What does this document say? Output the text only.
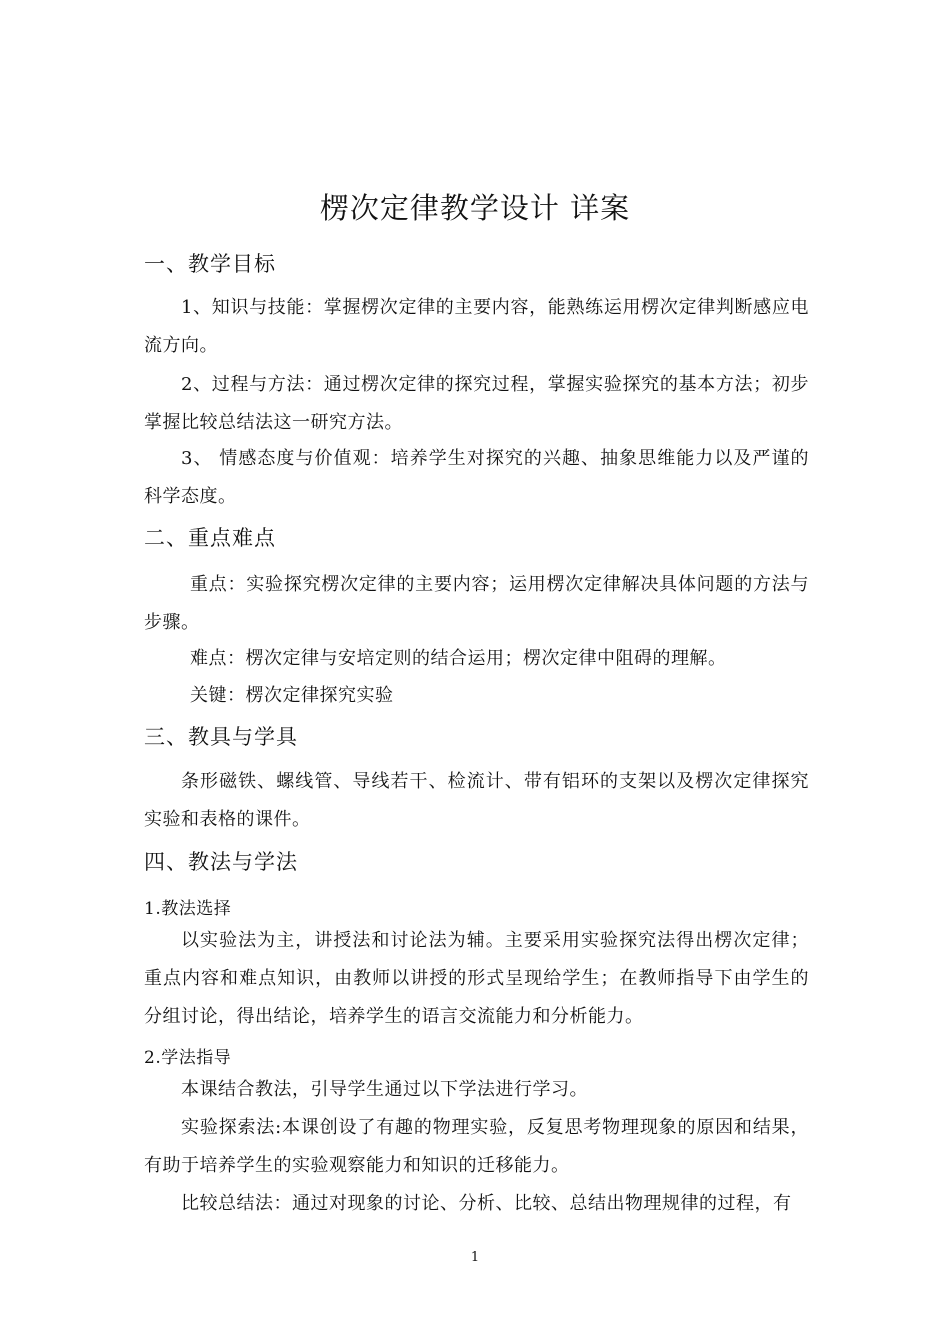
楞次定律教学设计 详案
一、教学目标
1、知识与技能：掌握楞次定律的主要内容，能熟练运用楞次定律判断感应电流方向。
2、过程与方法：通过楞次定律的探究过程，掌握实验探究的基本方法；初步掌握比较总结法这一研究方法。
3、 情感态度与价值观：培养学生对探究的兴趣、抽象思维能力以及严谨的科学态度。
二、重点难点
重点：实验探究楞次定律的主要内容；运用楞次定律解决具体问题的方法与步骤。
难点：楞次定律与安培定则的结合运用；楞次定律中阻碍的理解。
关键：楞次定律探究实验
三、教具与学具
条形磁铁、螺线管、导线若干、检流计、带有铝环的支架以及楞次定律探究实验和表格的课件。
四、教法与学法
1.教法选择
以实验法为主，讲授法和讨论法为辅。主要采用实验探究法得出楞次定律；重点内容和难点知识，由教师以讲授的形式呈现给学生；在教师指导下由学生的分组讨论，得出结论，培养学生的语言交流能力和分析能力。
2.学法指导
本课结合教法，引导学生通过以下学法进行学习。
实验探索法:本课创设了有趣的物理实验，反复思考物理现象的原因和结果，有助于培养学生的实验观察能力和知识的迁移能力。
比较总结法：通过对现象的讨论、分析、比较、总结出物理规律的过程，有
1
